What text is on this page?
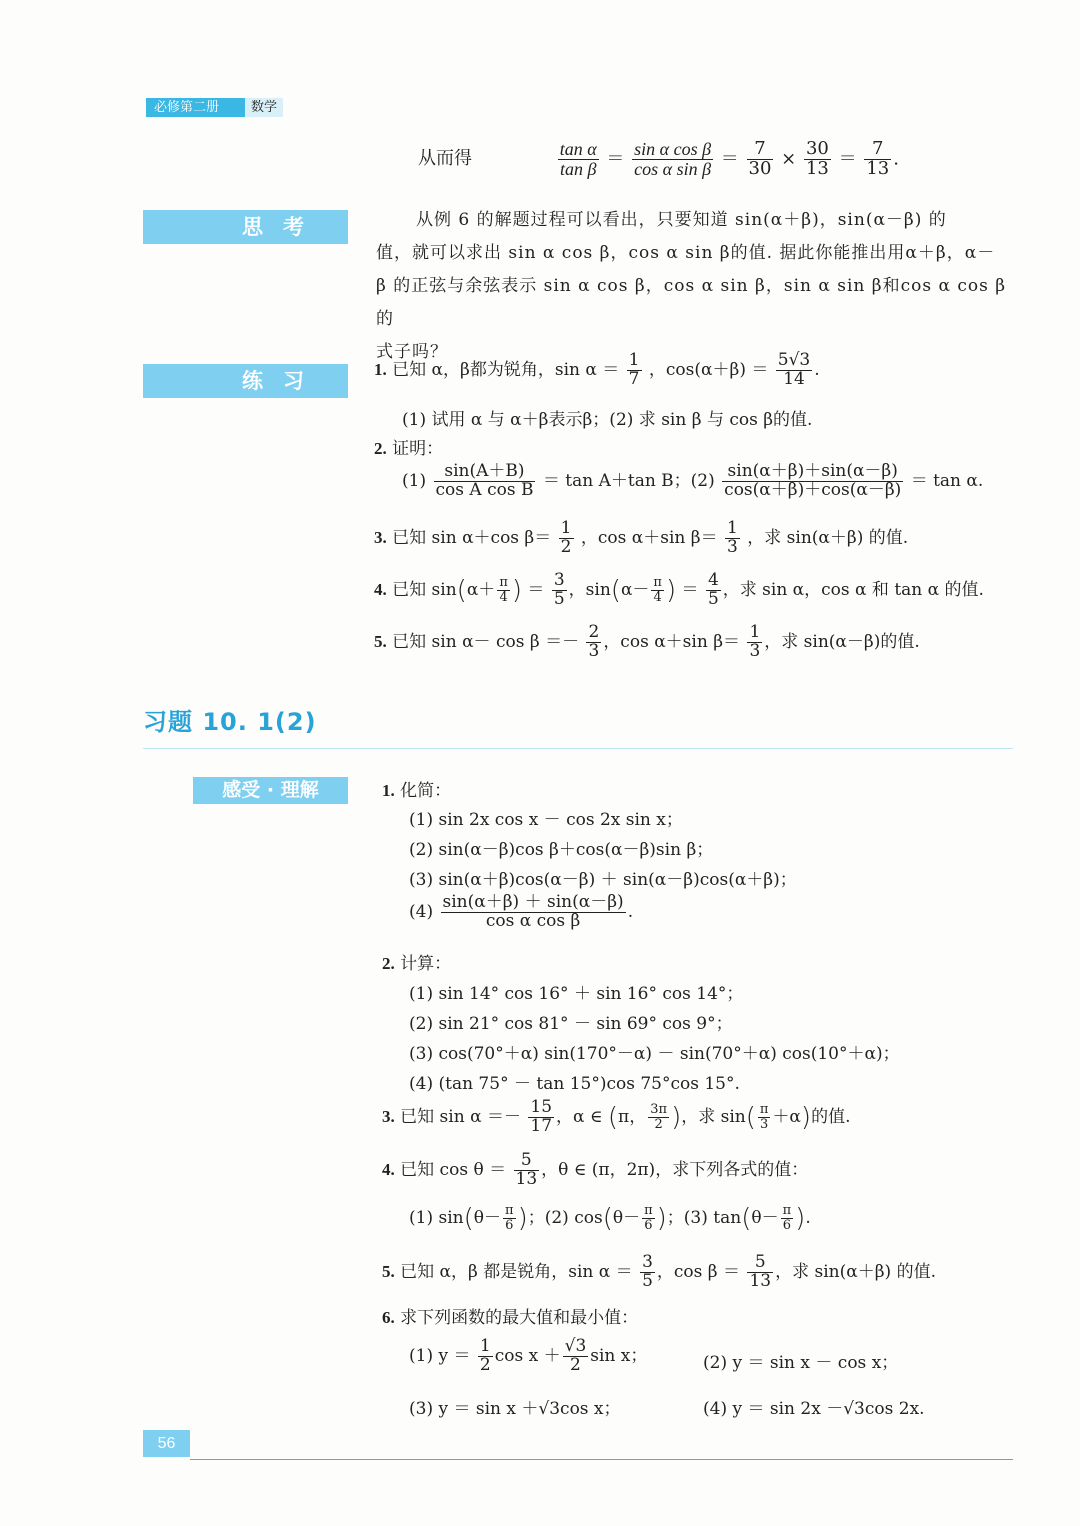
必修第二册	数学
从而得	$\frac{\text{tan α}}{\text{tan β}} = \frac{\text{sin α cos β}}{\text{cos α sin β}} = \frac{7}{30} \times \frac{30}{13} = \frac{7}{13}$ .
思考	从例 6 的解题过程可以看出，只要知道 sin(α＋β)，sin(α－β) 的
值，就可以求出 sin α cos β，cos α sin β的值. 据此你能推出用α＋β，α－
β 的正弦与余弦表示 sin α cos β，cos α sin β，sin α sin β和cos α cos β的
式子吗？
练习	1. 已知 α，β都为锐角，$\sin \alpha = \frac{1}{7}$ ，$\cos(\alpha+\beta) = \frac{5√3}{14}$ .
(1) 试用 α 与 α＋β表示β；(2) 求 sin β 与 cos β的值.
2. 证明：
$(1) \frac{\sin(A+B)}{\text{cos A cos B}} = \tan A+\tan$ B；$(2) \frac{\sin(\alpha+\beta)+\sin(\alpha-\beta)}{\cos(\alpha+\beta)+\cos(\alpha-\beta)} = \tan \alpha$.
3. 已知 sin α＋cos $\beta= \frac{1}{2}$ ，cos α＋sin $\beta= \frac{1}{3}$ ，求 sin(α＋β) 的值.
4. 已知 $\sin(\alpha+ \frac{\pi}{4}$ ) ＝ $\frac{3}{5}$ ，$\sin(\alpha- \frac{\pi}{4}$ ) ＝ $\frac{4}{5}$ ，求 sin α，cos α 和 tan α 的值.
5. 已知 $\sin \alpha- \cos \beta =- \frac{2}{3}$ ，cos α＋sin $\beta= \frac{1}{3}$ ，求 sin(α－β)的值.
习题 10. 1(2)
感受 · 理解	1. 化简：
(1) sin 2x cos x － cos 2x sin x；
(2) sin(α－β)cos β＋cos(α－β)sin β；
(3) sin(α＋β)cos(α－β) ＋ sin(α－β)cos(α＋β)；
$(4) \frac{\sin(\alpha+\beta) + \sin(\alpha-\beta)}{\text{cos α cos β}}$ .
2. 计算：
(1) sin 14° cos 16° ＋ sin 16° cos 14°；
(2) sin 21° cos 81° － sin 69° cos 9°；
(3) cos(70°＋α) sin(170°－α) － sin(70°＋α) cos(10°＋α)；
(4) (tan 75° － tan 15°)cos 75°cos 15°.
3. 已知 $\sin \alpha =- \frac{15}{17}$ ，α ∈ (π， $\frac{3\pi}{2}$ )，求 $\sin( \frac{\pi}{3} +\alpha)$的值.
4. 已知 $\cos \theta = \frac{5}{13}$ ，θ ∈ (π，2π)，求下列各式的值：
(1) $\sin(\theta- \frac{\pi}{6}$ )；(2) $\cos(\theta- \frac{\pi}{6}$ )；(3) $\tan(\theta- \frac{\pi}{6}$ ).
5. 已知 α，β 都是锐角，$\sin \alpha = \frac{3}{5}$ ，$\cos \beta = \frac{5}{13}$ ，求 sin(α＋β) 的值.
6. 求下列函数的最大值和最小值：
(1) $y = \frac{1}{2}$ $\cos x + \frac{√3}{2}$ sin x；	(2) y ＝ sin x － cos x；
(3) y ＝ sin x ＋√3cos x；	(4) y ＝ sin 2x －√3cos 2x.
56
